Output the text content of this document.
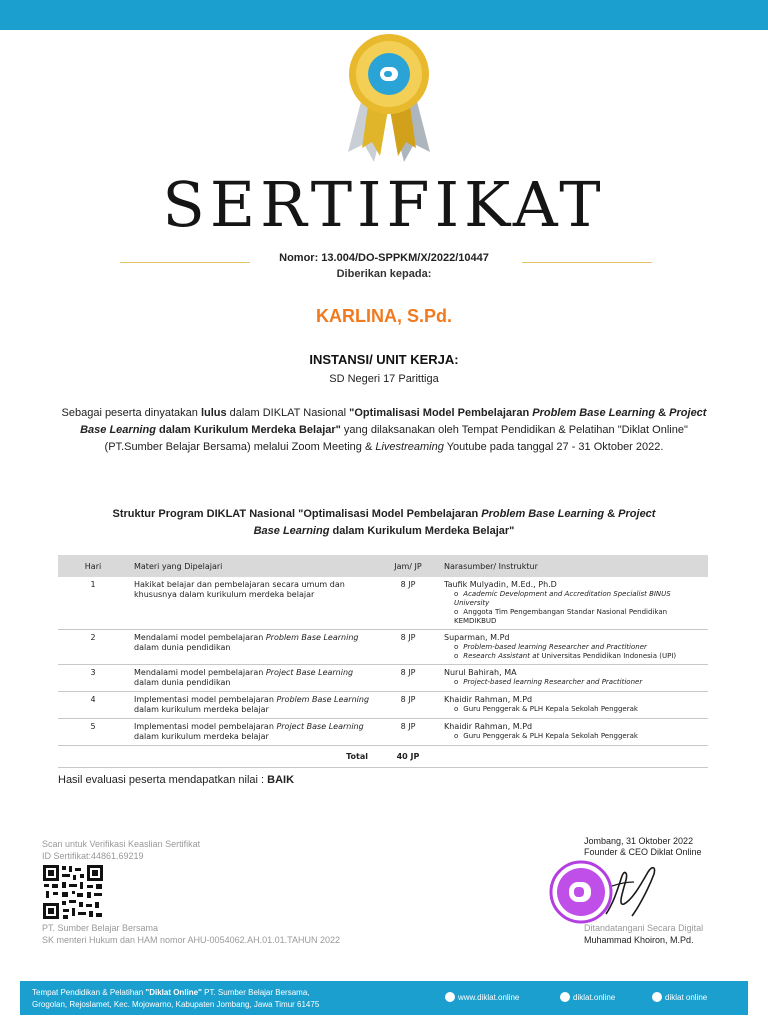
SERTIFIKAT
Nomor: 13.004/DO-SPPKM/X/2022/10447
Diberikan kepada:
KARLINA, S.Pd.
INSTANSI/ UNIT KERJA:
SD Negeri 17 Parittiga
Sebagai peserta dinyatakan lulus dalam DIKLAT Nasional "Optimalisasi Model Pembelajaran Problem Base Learning & Project Base Learning dalam Kurikulum Merdeka Belajar" yang dilaksanakan oleh Tempat Pendidikan & Pelatihan "Diklat Online" (PT.Sumber Belajar Bersama) melalui Zoom Meeting & Livestreaming Youtube pada tanggal 27 - 31 Oktober 2022.
Struktur Program DIKLAT Nasional "Optimalisasi Model Pembelajaran Problem Base Learning & Project Base Learning dalam Kurikulum Merdeka Belajar"
Hari	Materi yang Dipelajari	Jam/ JP	Narasumber/ Instruktur
1	Hakikat belajar dan pembelajaran secara umum dan khususnya dalam kurikulum merdeka belajar	8 JP	Taufik Mulyadin, M.Ed., Ph.D
o Academic Development and Accreditation Specialist BINUS University
o Anggota Tim Pengembangan Standar Nasional Pendidikan KEMDIKBUD

2	Mendalami model pembelajaran Problem Base Learning dalam dunia pendidikan	8 JP	Suparman, M.Pd
o Problem-based learning Researcher and Practitioner
o Research Assistant at Universitas Pendidikan Indonesia (UPI)

3	Mendalami model pembelajaran Project Base Learning dalam dunia pendidikan	8 JP	Nurul Bahirah, MA
o Project-based learning Researcher and Practitioner

4	Implementasi model pembelajaran Problem Base Learning dalam kurikulum merdeka belajar	8 JP	Khaidir Rahman, M.Pd
o Guru Penggerak & PLH Kepala Sekolah Penggerak

5	Implementasi model pembelajaran Project Base Learning dalam kurikulum merdeka belajar	8 JP	Khaidir Rahman, M.Pd
o Guru Penggerak & PLH Kepala Sekolah Penggerak

Total		40 JP	
Hasil evaluasi peserta mendapatkan nilai : BAIK
Scan untuk Verifikasi Keaslian Sertifikat
ID Sertifikat:44861.69219
PT. Sumber Belajar Bersama
SK menteri Hukum dan HAM nomor AHU-0054062.AH.01.01.TAHUN 2022
Jombang, 31 Oktober 2022
Founder & CEO Diklat Online
Ditandatangani Secara Digital
Muhammad Khoiron, M.Pd.
Tempat Pendidikan & Pelatihan "Diklat Online" PT. Sumber Belajar Bersama,
Grogolan, Rejoslamet, Kec. Mojowarno, Kabupaten Jombang, Jawa Timur 61475
www.diklat.online	diklat.online	diklat online
